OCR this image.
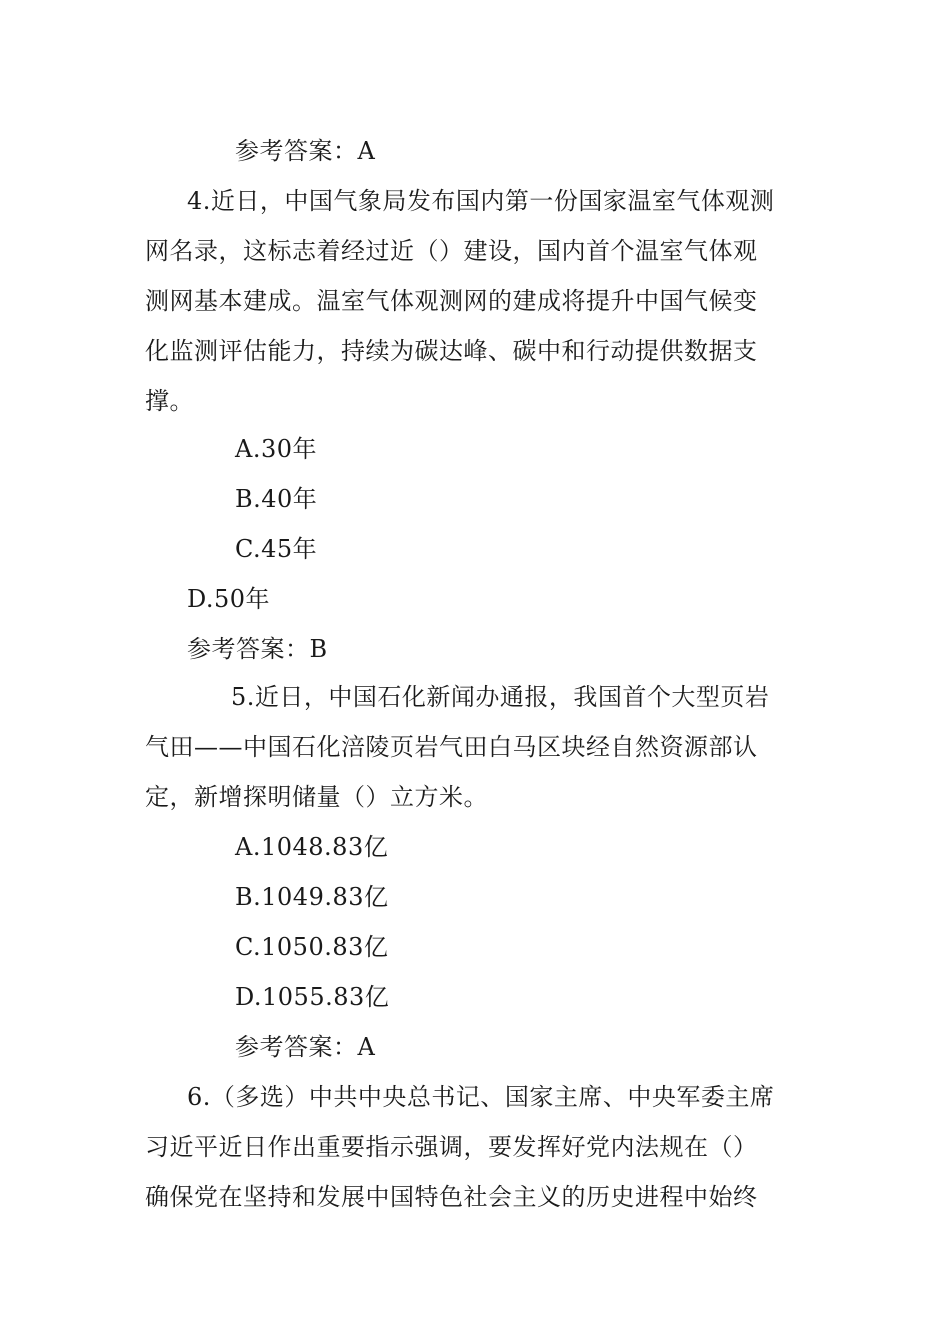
参考答案：A
4.近日，中国气象局发布国内第一份国家温室气体观测
网名录，这标志着经过近（）建设，国内首个温室气体观
测网基本建成。温室气体观测网的建成将提升中国气候变
化监测评估能力，持续为碳达峰、碳中和行动提供数据支
撑。
A.30年
B.40年
C.45年
D.50年
参考答案：B
5.近日，中国石化新闻办通报，我国首个大型页岩
气田——中国石化涪陵页岩气田白马区块经自然资源部认
定，新增探明储量（）立方米。
A.1048.83亿
B.1049.83亿
C.1050.83亿
D.1055.83亿
参考答案：A
6.（多选）中共中央总书记、国家主席、中央军委主席
习近平近日作出重要指示强调，要发挥好党内法规在（）
确保党在坚持和发展中国特色社会主义的历史进程中始终
